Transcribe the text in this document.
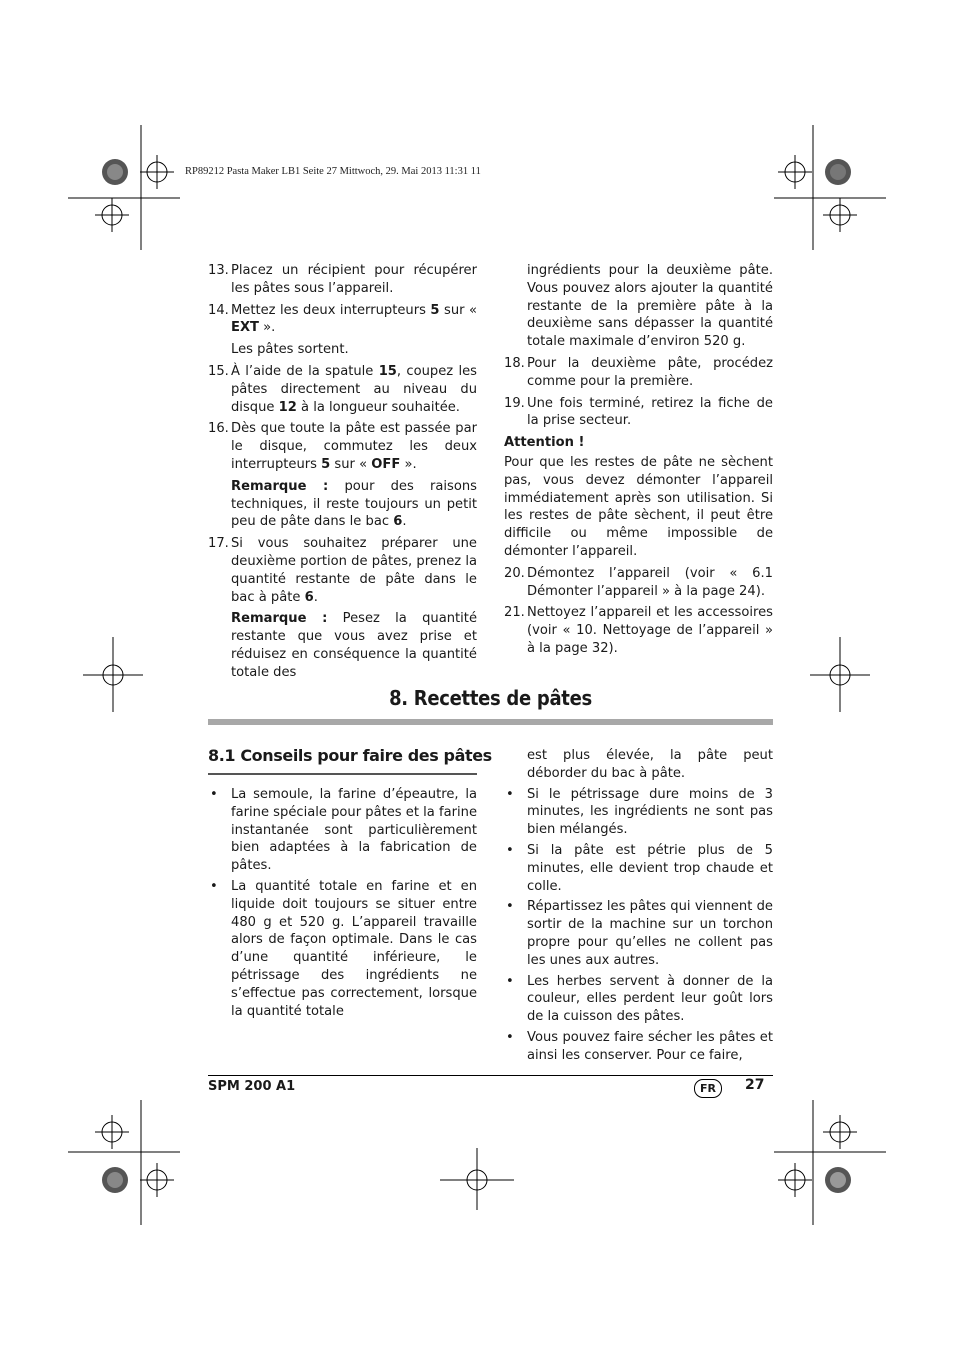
RP89212 Pasta Maker LB1 Seite 27 Mittwoch, 29. Mai 2013 11:31 11
13. Placez un récipient pour récupérer les pâtes sous l’appareil.
14. Mettez les deux interrupteurs 5 sur « EXT ».
Les pâtes sortent.
15. À l’aide de la spatule 15, coupez les pâtes directement au niveau du disque 12 à la longueur souhaitée.
16. Dès que toute la pâte est passée par le disque, commutez les deux interrupteurs 5 sur « OFF ».
Remarque : pour des raisons techniques, il reste toujours un petit peu de pâte dans le bac 6.
17. Si vous souhaitez préparer une deuxième portion de pâtes, prenez la quantité restante de pâte dans le bac à pâte 6.
Remarque : Pesez la quantité restante que vous avez prise et réduisez en conséquence la quantité totale des
ingrédients pour la deuxième pâte. Vous pouvez alors ajouter la quantité restante de la première pâte à la deuxième sans dépasser la quantité totale maximale d’environ 520 g.
18. Pour la deuxième pâte, procédez comme pour la première.
19. Une fois terminé, retirez la fiche de la prise secteur.
Attention !
Pour que les restes de pâte ne sèchent pas, vous devez démonter l’appareil immédiatement après son utilisation. Si les restes de pâte sèchent, il peut être difficile ou même impossible de démonter l’appareil.
20. Démontez l’appareil (voir « 6.1 Démonter l’appareil » à la page 24).
21. Nettoyez l’appareil et les accessoires (voir « 10. Nettoyage de l’appareil » à la page 32).
8. Recettes de pâtes
8.1 Conseils pour faire des pâtes
• La semoule, la farine d’épeautre, la farine spéciale pour pâtes et la farine instantanée sont particulièrement bien adaptées à la fabrication de pâtes.
• La quantité totale en farine et en liquide doit toujours se situer entre 480 g et 520 g. L’appareil travaille alors de façon optimale. Dans le cas d’une quantité inférieure, le pétrissage des ingrédients ne s’effectue pas correctement, lorsque la quantité totale
est plus élevée, la pâte peut déborder du bac à pâte.
• Si le pétrissage dure moins de 3 minutes, les ingrédients ne sont pas bien mélangés.
• Si la pâte est pétrie plus de 5 minutes, elle devient trop chaude et colle.
• Répartissez les pâtes qui viennent de sortir de la machine sur un torchon propre pour qu’elles ne collent pas les unes aux autres.
• Les herbes servent à donner de la couleur, elles perdent leur goût lors de la cuisson des pâtes.
• Vous pouvez faire sécher les pâtes et ainsi les conserver. Pour ce faire,
SPM 200 A1	FR	27
